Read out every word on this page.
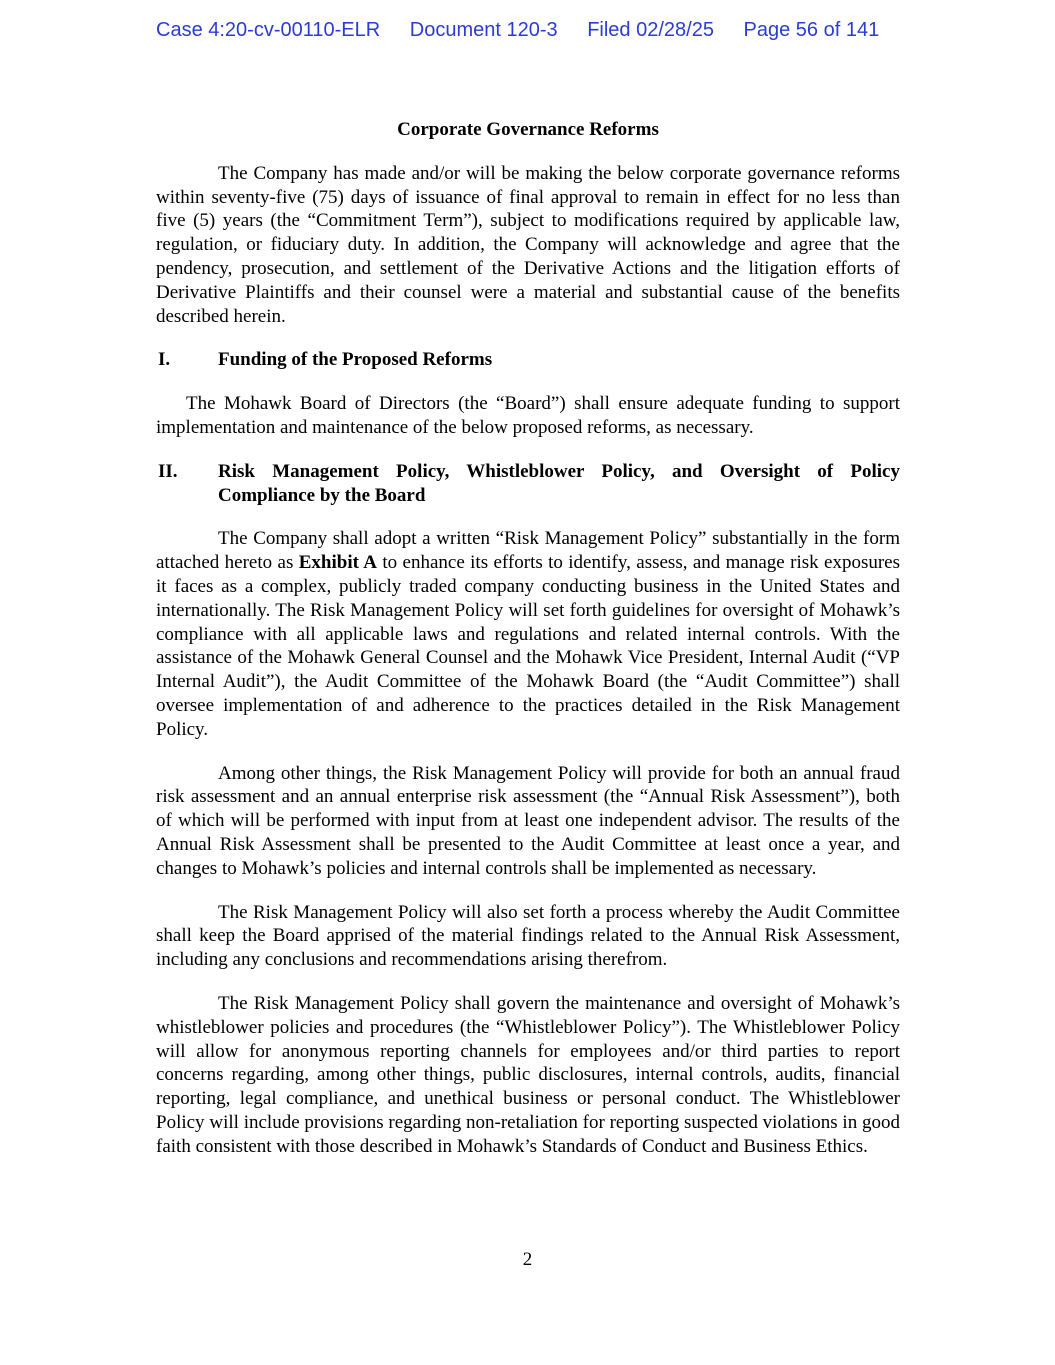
Case 4:20-cv-00110-ELR Document 120-3 Filed 02/28/25 Page 56 of 141
Corporate Governance Reforms

The Company has made and/or will be making the below corporate governance reforms within seventy-five (75) days of issuance of final approval to remain in effect for no less than five (5) years (the “Commitment Term”), subject to modifications required by applicable law, regulation, or fiduciary duty. In addition, the Company will acknowledge and agree that the pendency, prosecution, and settlement of the Derivative Actions and the litigation efforts of Derivative Plaintiffs and their counsel were a material and substantial cause of the benefits described herein.

I.	Funding of the Proposed Reforms

The Mohawk Board of Directors (the “Board”) shall ensure adequate funding to support implementation and maintenance of the below proposed reforms, as necessary.

II.	Risk Management Policy, Whistleblower Policy, and Oversight of Policy Compliance by the Board

The Company shall adopt a written “Risk Management Policy” substantially in the form attached hereto as Exhibit A to enhance its efforts to identify, assess, and manage risk exposures it faces as a complex, publicly traded company conducting business in the United States and internationally. The Risk Management Policy will set forth guidelines for oversight of Mohawk’s compliance with all applicable laws and regulations and related internal controls. With the assistance of the Mohawk General Counsel and the Mohawk Vice President, Internal Audit (“VP Internal Audit”), the Audit Committee of the Mohawk Board (the “Audit Committee”) shall oversee implementation of and adherence to the practices detailed in the Risk Management Policy.

Among other things, the Risk Management Policy will provide for both an annual fraud risk assessment and an annual enterprise risk assessment (the “Annual Risk Assessment”), both of which will be performed with input from at least one independent advisor. The results of the Annual Risk Assessment shall be presented to the Audit Committee at least once a year, and changes to Mohawk’s policies and internal controls shall be implemented as necessary.

The Risk Management Policy will also set forth a process whereby the Audit Committee shall keep the Board apprised of the material findings related to the Annual Risk Assessment, including any conclusions and recommendations arising therefrom.

The Risk Management Policy shall govern the maintenance and oversight of Mohawk’s whistleblower policies and procedures (the “Whistleblower Policy”). The Whistleblower Policy will allow for anonymous reporting channels for employees and/or third parties to report concerns regarding, among other things, public disclosures, internal controls, audits, financial reporting, legal compliance, and unethical business or personal conduct. The Whistleblower Policy will include provisions regarding non-retaliation for reporting suspected violations in good faith consistent with those described in Mohawk’s Standards of Conduct and Business Ethics.

2
